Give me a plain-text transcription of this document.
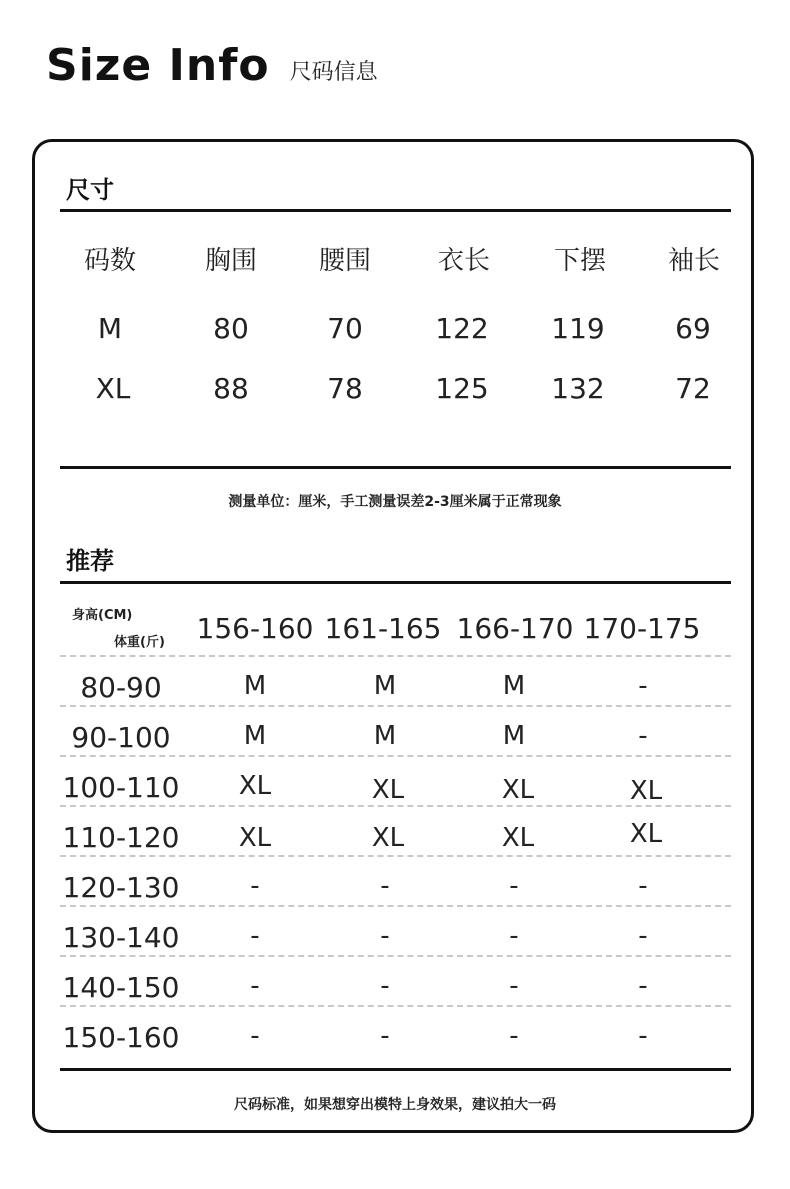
Size Info 尺码信息
尺寸
码数	胸围 腰围	衣长 下摆 袖长
M	80	70	122 119	69
XL	88	78	125 132	72
测量单位：厘米，手工测量误差2-3厘米属于正常现象
推荐
身高(CM)
体重(斤) 156-160 161-165 166-170 170-175
80-90	M	M	M	-
90-100	M	M	M	-
100-110 XL	XL	XL	XL
110-120 XL	XL	XL	XL
120-130	-	-	-	-
130-140	-	-	-	-
140-150	-	-	-	-
150-160	-	-	-	-
尺码标准，如果想穿出模特上身效果，建议拍大一码
